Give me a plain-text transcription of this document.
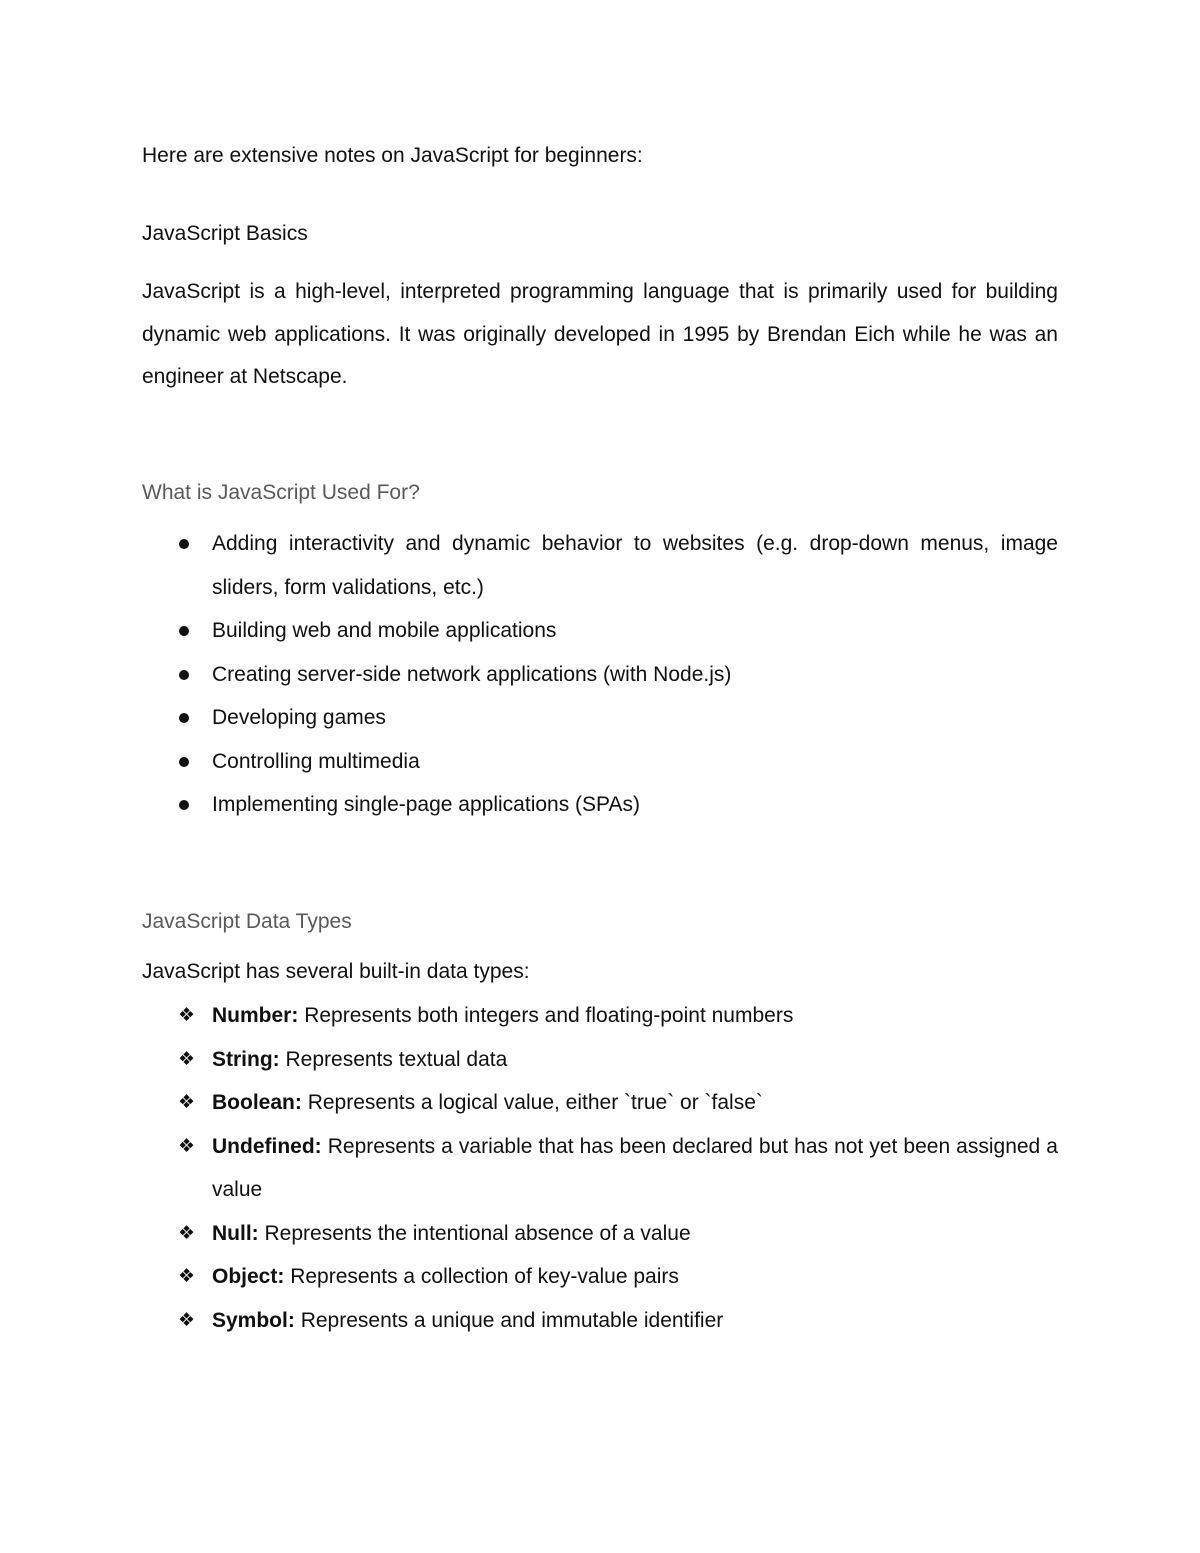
Here are extensive notes on JavaScript for beginners:

JavaScript Basics

JavaScript is a high-level, interpreted programming language that is primarily used for building dynamic web applications. It was originally developed in 1995 by Brendan Eich while he was an engineer at Netscape.

What is JavaScript Used For?
Adding interactivity and dynamic behavior to websites (e.g. drop-down menus, image sliders, form validations, etc.)
Building web and mobile applications
Creating server-side network applications (with Node.js)
Developing games
Controlling multimedia
Implementing single-page applications (SPAs)
JavaScript Data Types

JavaScript has several built-in data types:

❖ Number: Represents both integers and floating-point numbers
❖ String: Represents textual data
❖ Boolean: Represents a logical value, either `true` or `false`
❖ Undefined: Represents a variable that has been declared but has not yet been assigned a value
❖ Null: Represents the intentional absence of a value
❖ Object: Represents a collection of key-value pairs
❖ Symbol: Represents a unique and immutable identifier
